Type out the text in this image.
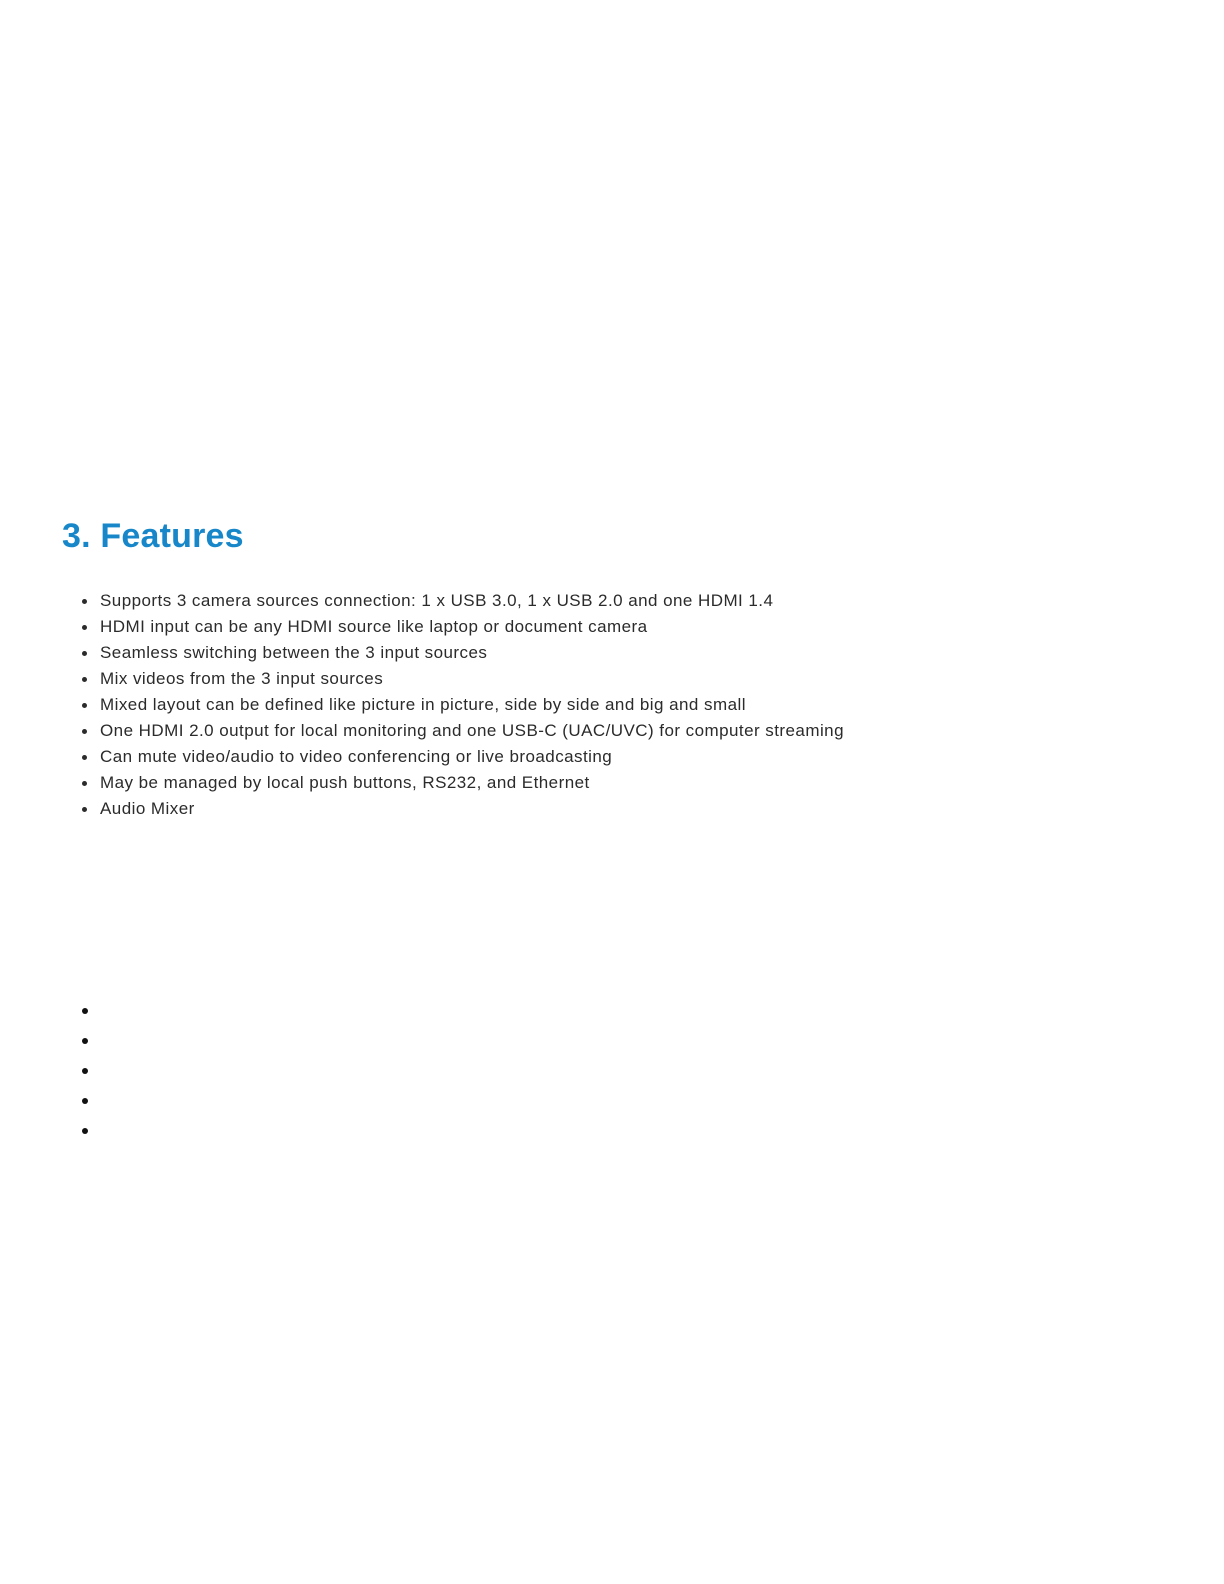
3. Features
Supports 3 camera sources connection: 1 x USB 3.0, 1 x USB 2.0 and one HDMI 1.4
HDMI input can be any HDMI source like laptop or document camera
Seamless switching between the 3 input sources
Mix videos from the 3 input sources
Mixed layout can be defined like picture in picture, side by side and big and small
One HDMI 2.0 output for local monitoring and one USB-C (UAC/UVC) for computer streaming
Can mute video/audio to video conferencing or live broadcasting
May be managed by local push buttons, RS232, and Ethernet
Audio Mixer
